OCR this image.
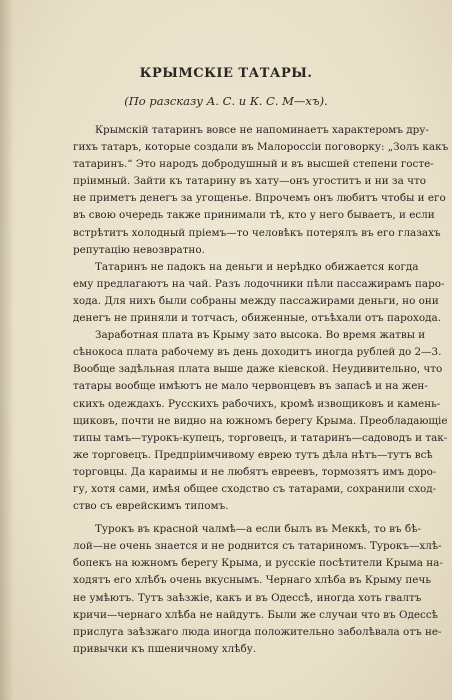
КРЫМСКІЕ ТАТАРЫ.

(По разсказу А. С. и К. С. М—хъ).

Крымскій татаринъ вовсе не напоминаетъ характеромъ дру-
гихъ татаръ, которые создали въ Малороссіи поговорку: „Золъ какъ
татаринъ.“ Это народъ добродушный и въ высшей степени госте-
пріимный. Зайти къ татарину въ хату—онъ угоститъ и ни за что
не приметъ денегъ за угощенье. Впрочемъ онъ любитъ чтобы и его
въ свою очередь также принимали тѣ, кто у него бываетъ, и если
встрѣтитъ холодный пріемъ—то человѣкъ потерялъ въ его глазахъ
репутацію невозвратно.
Татаринъ не падокъ на деньги и нерѣдко обижается когда
ему предлагаютъ на чай. Разъ лодочники пѣли пассажирамъ паро-
хода. Для нихъ были собраны между пассажирами деньги, но они
денегъ не приняли и тотчасъ, обиженные, отъѣхали отъ парохода.
Заработная плата въ Крыму зато высока. Во время жатвы и
сѣнокоса плата рабочему въ день доходитъ иногда рублей до 2—3.
Вообще задѣльная плата выше даже кіевской. Неудивительно, что
татары вообще имѣютъ не мало червонцевъ въ запасѣ и на жен-
скихъ одеждахъ. Русскихъ рабочихъ, кромѣ извощиковъ и камень-
щиковъ, почти не видно на южномъ берегу Крыма. Преобладающіе
типы тамъ—турокъ-купецъ, торговецъ, и татаринъ—садоводъ и так-
же торговецъ. Предпріимчивому еврею тутъ дѣла нѣтъ—тутъ всѣ
торговцы. Да караимы и не любятъ евреевъ, тормозятъ имъ доро-
гу, хотя сами, имѣя общее сходство съ татарами, сохранили сход-
ство съ еврейскимъ типомъ.
Турокъ въ красной чалмѣ—а если былъ въ Меккѣ, то въ бѣ-
лой—не очень знается и не роднится съ татариномъ. Турокъ—хлѣ-
бопекъ на южномъ берегу Крыма, и русскіе посѣтители Крыма на-
ходятъ его хлѣбъ очень вкуснымъ. Чернаго хлѣба въ Крыму печь
не умѣютъ. Тутъ заѣзжіе, какъ и въ Одессѣ, иногда хоть гвалтъ
кричи—чернаго хлѣба не найдутъ. Были же случаи что въ Одессѣ
прислуга заѣзжаго люда иногда положительно заболѣвала отъ не-
привычки къ пшеничному хлѣбу.
